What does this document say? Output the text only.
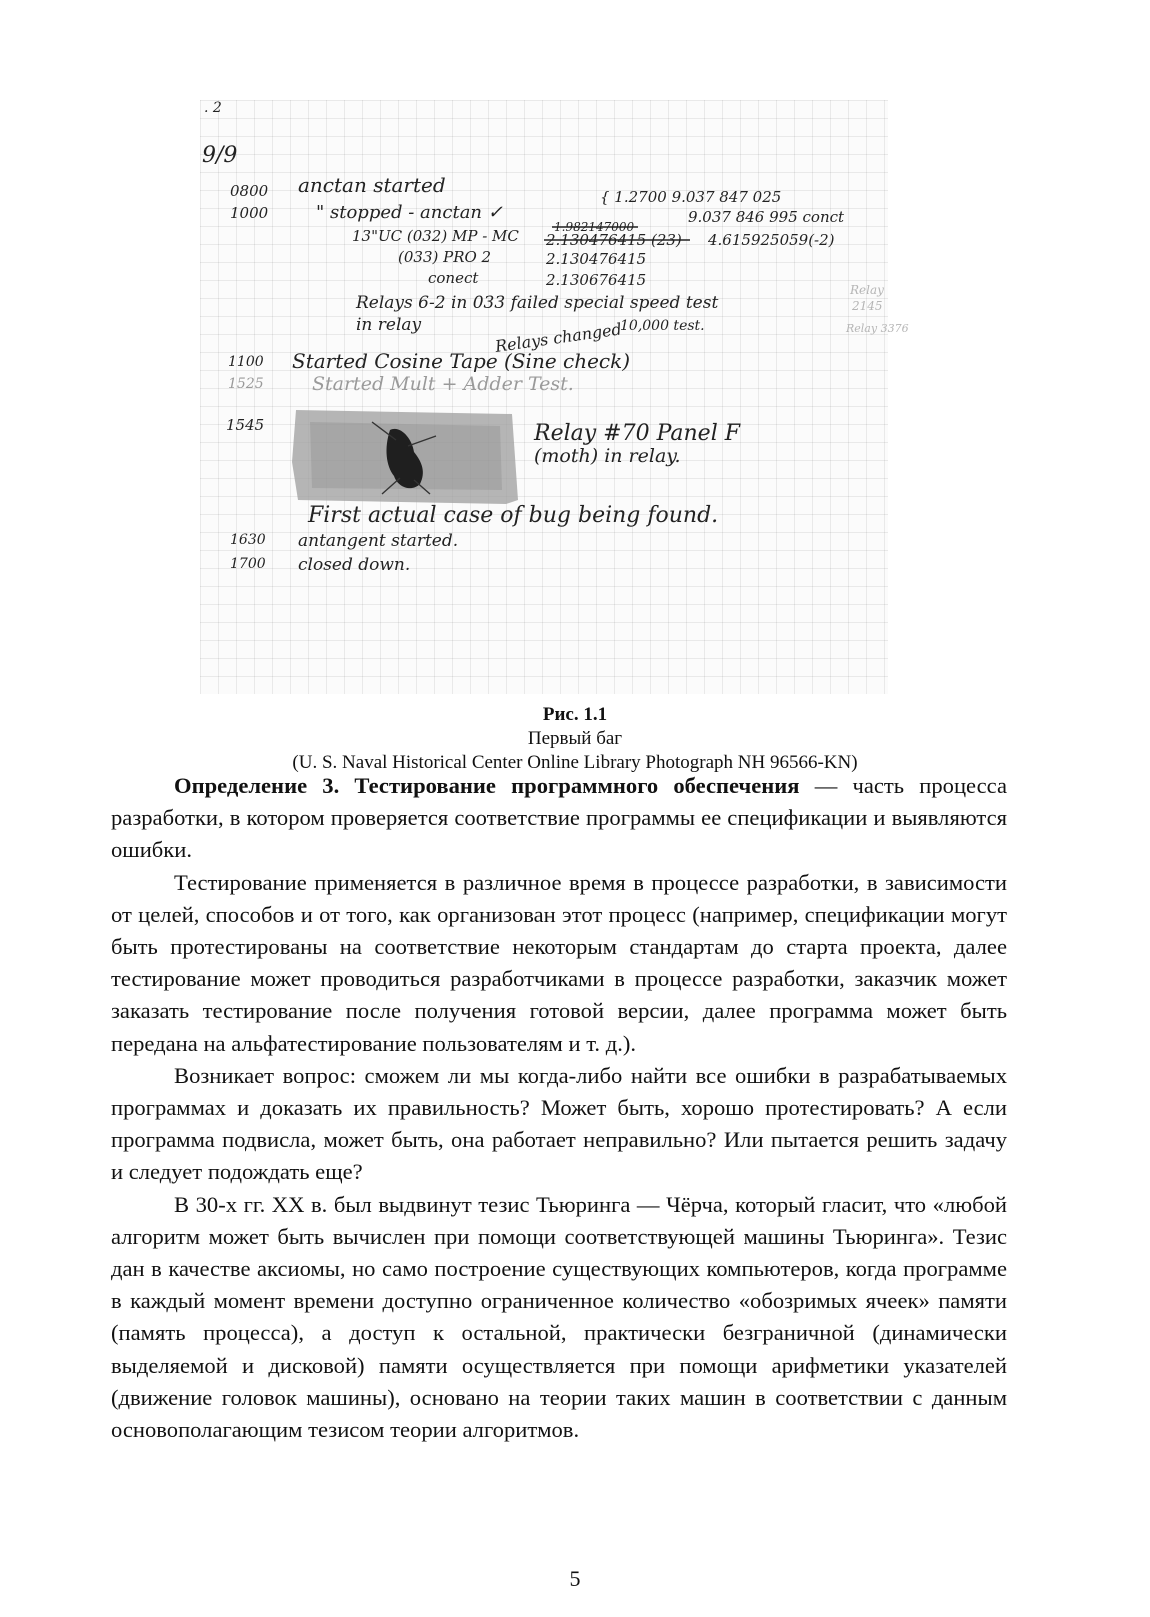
. 2
9/9
0800 anctan started	{ 1.2700 9.037 847 025
1000	" stopped - anctan ✓	9.037 846 995 conct
13"UC (032) MP - MC	1.982147000
2.130476415 (23) 4.615925059(-2)
(033) PRO 2	2.130476415
conect	2.130676415
Relays 6-2 in 033 failed special speed test
in relay	10,000 test.
Relays changed
1100 Started Cosine Tape (Sine check)
1525	Started Mult + Adder Test.
1545	Relay #70 Panel F
(moth) in relay.
First actual case of bug being found.
1630 antangent started.
1700 closed down.
Relay
2145
Relay 3376
Рис. 1.1
Первый баг
(U. S. Naval Historical Center Online Library Photograph NH 96566-KN)

Определение 3. Тестирование программного обеспечения — часть процесса разработки, в котором проверяется соответствие программы ее спецификации и выявляются ошибки.

Тестирование применяется в различное время в процессе разработки, в зависимости от целей, способов и от того, как организован этот процесс (например, спецификации могут быть протестированы на соответствие некоторым стандартам до старта проекта, далее тестирование может проводиться разработчиками в процессе разработки, заказчик может заказать тестирование после получения готовой версии, далее программа может быть передана на альфатестирование пользователям и т. д.).

Возникает вопрос: сможем ли мы когда-либо найти все ошибки в разрабатываемых программах и доказать их правильность? Может быть, хорошо протестировать? А если программа подвисла, может быть, она работает неправильно? Или пытается решить задачу и следует подождать еще?

В 30-х гг. XX в. был выдвинут тезис Тьюринга — Чёрча, который гласит, что «любой алгоритм может быть вычислен при помощи соответствующей машины Тьюринга». Тезис дан в качестве аксиомы, но само построение существующих компьютеров, когда программе в каждый момент времени доступно ограниченное количество «обозримых ячеек» памяти (память процесса), а доступ к остальной, практически безграничной (динамически выделяемой и дисковой) памяти осуществляется при помощи арифметики указателей (движение головок машины), основано на теории таких машин в соответствии с данным основополагающим тезисом теории алгоритмов.

5
